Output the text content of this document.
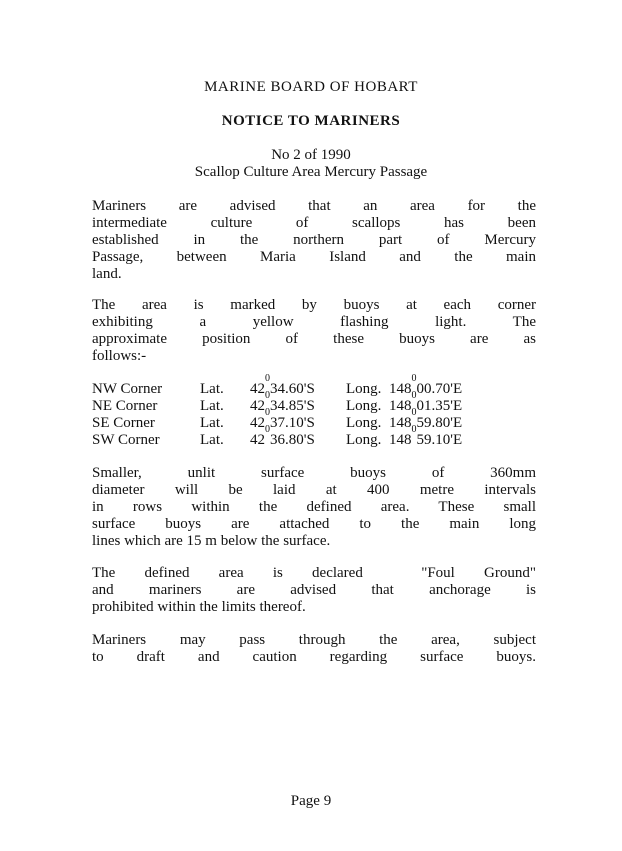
MARINE BOARD OF HOBART
NOTICE TO MARINERS
No 2 of 1990
Scallop Culture Area Mercury Passage
Mariners are advised that an area for the
intermediate culture of scallops has been
established in the northern part of Mercury
Passage, between Maria Island and the main
land.
The area is marked by buoys at each corner
exhibiting a yellow flashing light. The
approximate position of these buoys are as
follows:-
NW Corner	Lat. $42^034.60'S$ Long. $148^000.70'E$
NE Corner	Lat. $42^034.85'S$ Long. $148^001.35'E$
SE Corner	Lat. $42^037.10'S$ Long. $148^059.80'E$
SW Corner	Lat. $42^036.80'S$ Long. $148^059.10'E$
Smaller, unlit surface buoys of 360mm
diameter will be laid at 400 metre intervals
in rows within the defined area. These small
surface buoys are attached to the main long
lines which are 15 m below the surface.
The defined area is declared  "Foul Ground"
and mariners are advised that anchorage is
prohibited within the limits thereof.
Mariners may pass through the area, subject
to draft and caution regarding surface buoys.
Page 9
